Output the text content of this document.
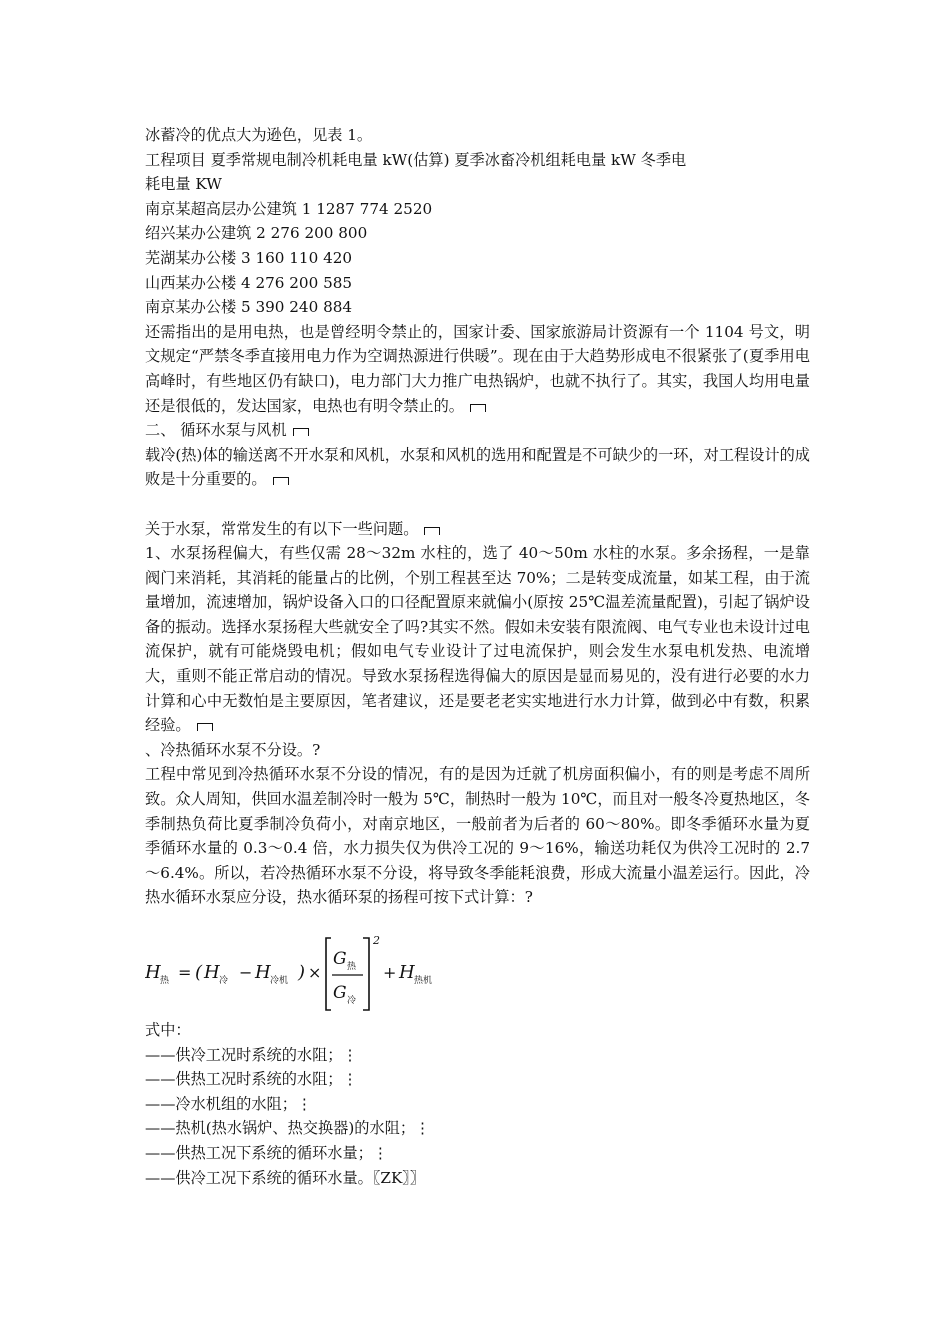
冰蓄冷的优点大为逊色，见表 1。

工程项目 夏季常规电制冷机耗电量 kW(估算) 夏季冰畜冷机组耗电量 kW 冬季电

耗电量 KW

南京某超高层办公建筑 1 1287 774 2520

绍兴某办公建筑 2 276 200 800

芜湖某办公楼 3 160 110 420

山西某办公楼 4 276 200 585

南京某办公楼 5 390 240 884

还需指出的是用电热，也是曾经明令禁止的，国家计委、国家旅游局计资源有一个 1104 号文，明文规定“严禁冬季直接用电力作为空调热源进行供暖”。现在由于大趋势形成电不很紧张了(夏季用电高峰时，有些地区仍有缺口)，电力部门大力推广电热锅炉，也就不执行了。其实，我国人均用电量还是很低的，发达国家，电热也有明令禁止的。

二、 循环水泵与风机

载冷(热)体的输送离不开水泵和风机，水泵和风机的选用和配置是不可缺少的一环，对工程设计的成败是十分重要的。

关于水泵，常常发生的有以下一些问题。

1、水泵扬程偏大，有些仅需 28～32m 水柱的，选了 40～50m 水柱的水泵。多余扬程，一是靠阀门来消耗，其消耗的能量占的比例，个别工程甚至达 70%；二是转变成流量，如某工程，由于流量增加，流速增加，锅炉设备入口的口径配置原来就偏小(原按 25℃温差流量配置)，引起了锅炉设备的振动。选择水泵扬程大些就安全了吗?其实不然。假如未安装有限流阀、电气专业也未设计过电流保护，就有可能烧毁电机；假如电气专业设计了过电流保护，则会发生水泵电机发热、电流增大，重则不能正常启动的情况。导致水泵扬程选得偏大的原因是显而易见的，没有进行必要的水力计算和心中无数怕是主要原因，笔者建议，还是要老老实实地进行水力计算，做到必中有数，积累经验。

、冷热循环水泵不分设。?

工程中常见到冷热循环水泵不分设的情况，有的是因为迁就了机房面积偏小，有的则是考虑不周所致。众人周知，供回水温差制冷时一般为 5℃，制热时一般为 10℃，而且对一般冬冷夏热地区，冬季制热负荷比夏季制冷负荷小，对南京地区，一般前者为后者的 60～80%。即冬季循环水量为夏季循环水量的 0.3～0.4 倍，水力损失仅为供冷工况的 9～16%，输送功耗仅为供冷工况时的 2.7～6.4%。所以，若冷热循环水泵不分设，将导致冬季能耗浪费，形成大流量小温差运行。因此，冷热水循环水泵应分设，热水循环泵的扬程可按下式计算：?

H 热 = ( H 冷 − H 冷机 ) ×
G 热
G 冷
2
+ H 热机

式中：

——供冷工况时系统的水阻；⋮

——供热工况时系统的水阻；⋮

——冷水机组的水阻；⋮

——热机(热水锅炉、热交换器)的水阻；⋮

——供热工况下系统的循环水量；⋮

——供冷工况下系统的循环水量。〖ZK〗〗
